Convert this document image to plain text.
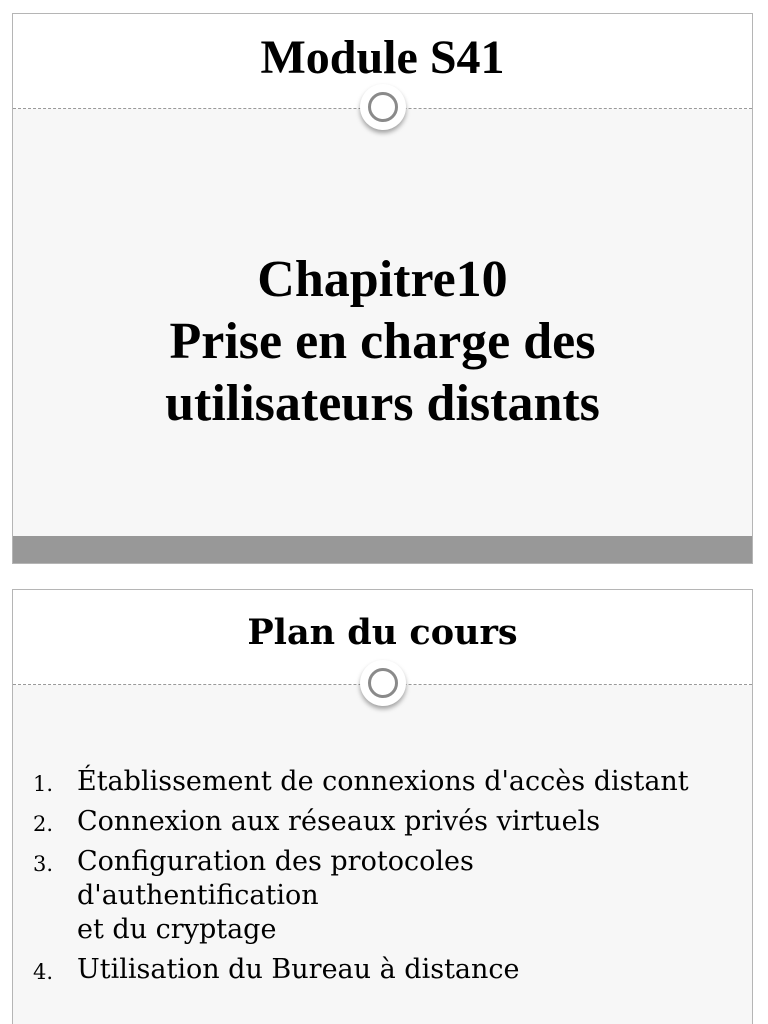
Module S41
Chapitre10
Prise en charge des
utilisateurs distants
Plan du cours
1. Établissement de connexions d'accès distant
2. Connexion aux réseaux privés virtuels
3. Configuration des protocoles
d'authentification
et du cryptage
4. Utilisation du Bureau à distance
